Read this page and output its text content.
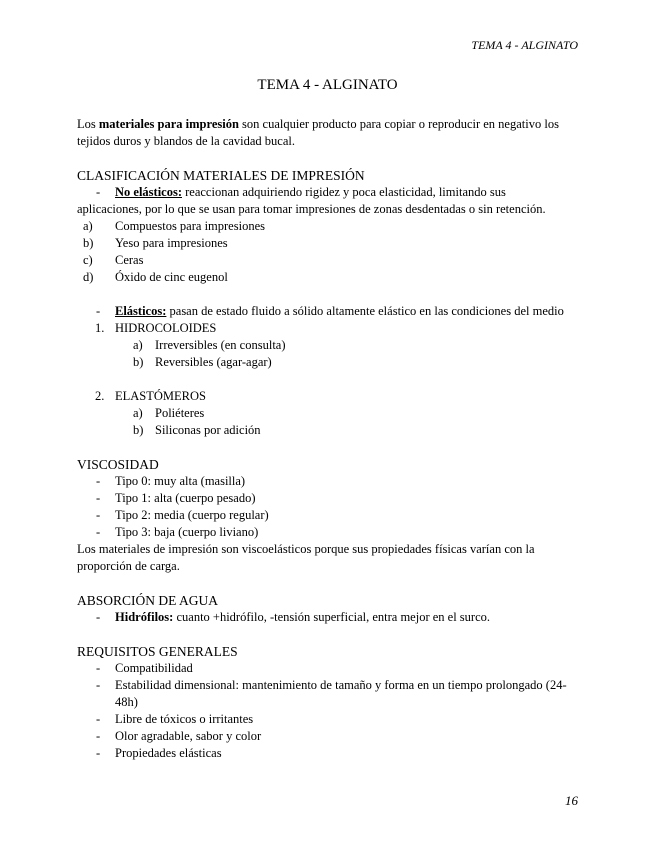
TEMA 4 - ALGINATO
TEMA 4 - ALGINATO

Los materiales para impresión son cualquier producto para copiar o reproducir en negativo los tejidos duros y blandos de la cavidad bucal.

CLASIFICACIÓN MATERIALES DE IMPRESIÓN

-	No elásticos: reaccionan adquiriendo rigidez y poca elasticidad, limitando sus

aplicaciones, por lo que se usan para tomar impresiones de zonas desdentadas o sin retención.

a)	Compuestos para impresiones
b)	Yeso para impresiones
c)	Ceras
d)	Óxido de cinc eugenol
-	Elásticos: pasan de estado fluido a sólido altamente elástico en las condiciones del medio
1. HIDROCOLOIDES
a) Irreversibles (en consulta)
b) Reversibles (agar-agar)
2. ELASTÓMEROS
a) Poliéteres
b) Siliconas por adición

VISCOSIDAD

-	Tipo 0: muy alta (masilla)
-	Tipo 1: alta (cuerpo pesado)
-	Tipo 2: media (cuerpo regular)
-	Tipo 3: baja (cuerpo liviano)

Los materiales de impresión son viscoelásticos porque sus propiedades físicas varían con la proporción de carga.

ABSORCIÓN DE AGUA

-	Hidrófilos: cuanto +hidrófilo, -tensión superficial, entra mejor en el surco.

REQUISITOS GENERALES

-	Compatibilidad
-	Estabilidad dimensional: mantenimiento de tamaño y forma en un tiempo prolongado (24-48h)
-	Libre de tóxicos o irritantes
-	Olor agradable, sabor y color
-	Propiedades elásticas
16
